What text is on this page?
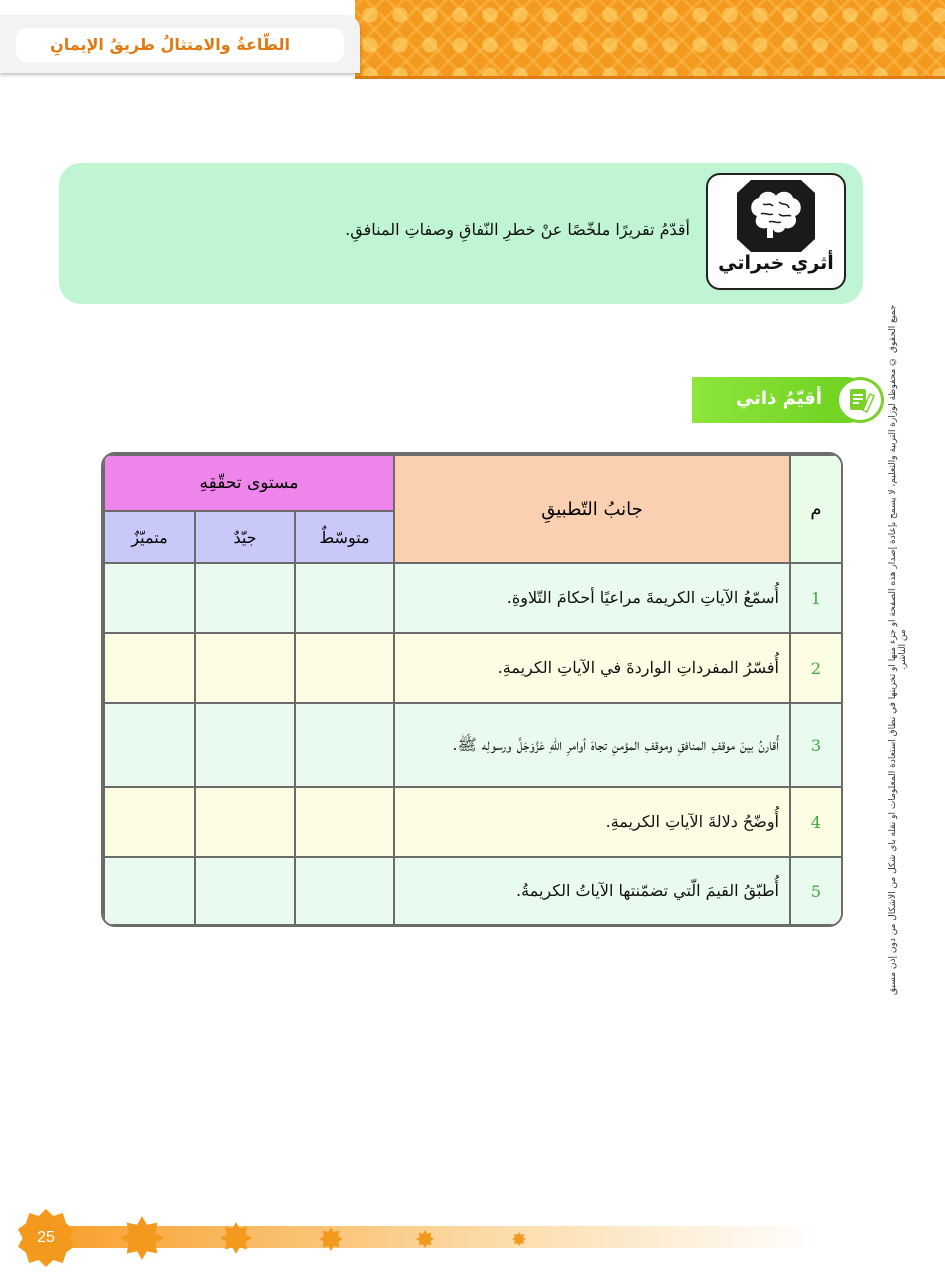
الطّاعةُ والامتثالُ طريقُ الإيمانِ
أثري خبراتي
أقدّمُ تقريرًا ملخّصًا عنْ خطرِ النّفاقِ وصفاتِ المنافقِ.
أقيّمُ ذاتي
م	جانبُ التّطبيقِ	مستوى تحقّقِهِ		
		متوسّطٌ	جيّدٌ	متميّزٌ
1	أُسمّعُ الآياتِ الكريمةَ مراعيًا أحكامَ التّلاوةِ.			
2	أُفسّرُ المفرداتِ الواردةَ في الآياتِ الكريمةِ.			
3	أُقارنُ بينَ موقفِ المنافقِ وموقفِ المؤمنِ تجاهَ أوامرِ اللّهِ عَزَّوَجَلَّ ورسولِه ﷺ.			
4	أُوضّحُ دلالةَ الآياتِ الكريمةِ.			
5	أُطبّقُ القيمَ الّتي تضمّنتها الآياتُ الكريمةُ.				جميع الحقوق © محفوظة لوزارة التربية والتعليم، لا يسمح بإعادة إصدار هذه الصفحة أو جزء منها أو تخزينها في نطاق استعادة المعلومات أو نقله بأي شكل من الأشكال من دون إذن مسبق من الناشر.
25
